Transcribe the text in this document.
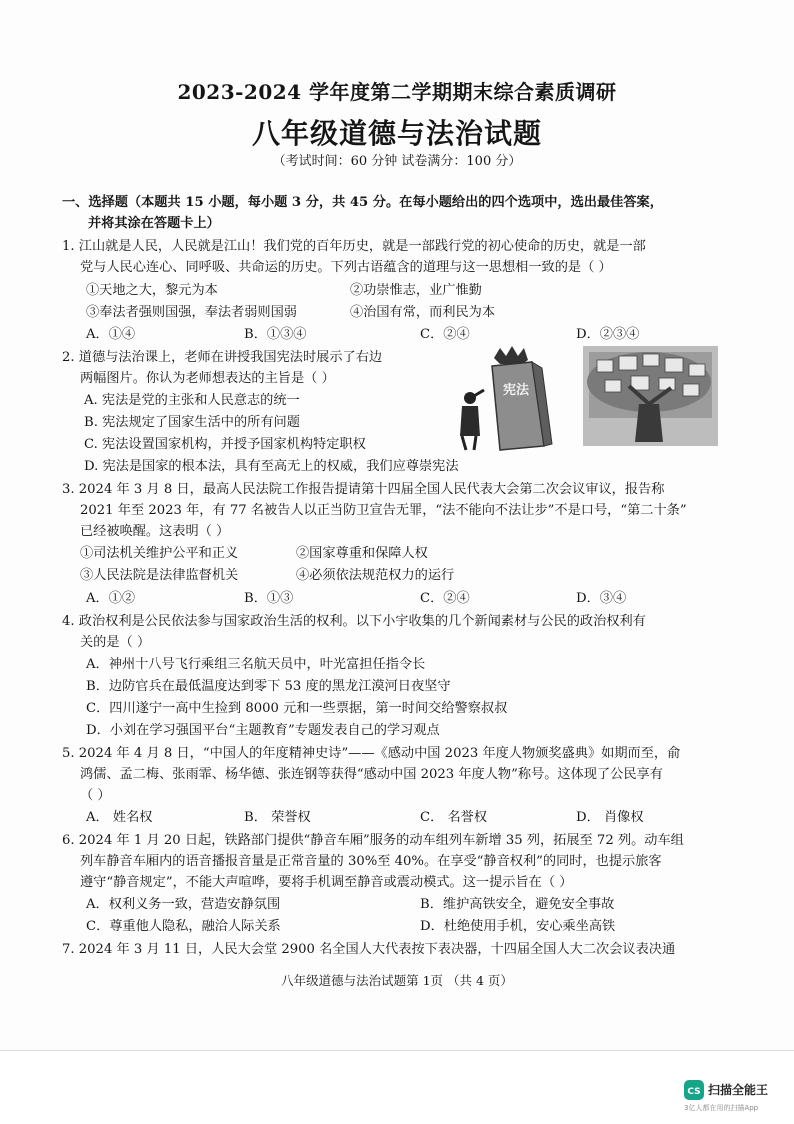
2023-2024 学年度第二学期期末综合素质调研
八年级道德与法治试题
（考试时间：60 分钟 试卷满分：100 分）
一、选择题（本题共 15 小题，每小题 3 分，共 45 分。在每小题给出的四个选项中，选出最佳答案，
并将其涂在答题卡上）
1. 江山就是人民，人民就是江山！我们党的百年历史，就是一部践行党的初心使命的历史，就是一部
党与人民心连心、同呼吸、共命运的历史。下列古语蕴含的道理与这一思想相一致的是（ ）
①天地之大，黎元为本	②功崇惟志，业广惟勤
③奉法者强则国强，奉法者弱则国弱	④治国有常，而利民为本
A．①④	B．①③④	C．②④	D．②③④
2. 道德与法治课上，老师在讲授我国宪法时展示了右边
两幅图片。你认为老师想表达的主旨是（ ）
A. 宪法是党的主张和人民意志的统一
B. 宪法规定了国家生活中的所有问题
C. 宪法设置国家机构，并授予国家机构特定职权
D. 宪法是国家的根本法，具有至高无上的权威，我们应尊崇宪法
宪法
3. 2024 年 3 月 8 日，最高人民法院工作报告提请第十四届全国人民代表大会第二次会议审议，报告称
2021 年至 2023 年，有 77 名被告人以正当防卫宣告无罪，“法不能向不法让步”不是口号，“第二十条”
已经被唤醒。这表明（ ）
①司法机关维护公平和正义	②国家尊重和保障人权
③人民法院是法律监督机关	④必须依法规范权力的运行
A．①②	B．①③	C．②④	D．③④
4. 政治权利是公民依法参与国家政治生活的权利。以下小宇收集的几个新闻素材与公民的政治权利有
关的是（ ）
A．神州十八号飞行乘组三名航天员中，叶光富担任指令长
B．边防官兵在最低温度达到零下 53 度的黑龙江漠河日夜坚守
C．四川遂宁一高中生捡到 8000 元和一些票据，第一时间交给警察叔叔
D．小刘在学习强国平台“主题教育”专题发表自己的学习观点
5. 2024 年 4 月 8 日，“中国人的年度精神史诗”——《感动中国 2023 年度人物颁奖盛典》如期而至，俞
鸿儒、孟二梅、张雨霏、杨华德、张连钢等获得“感动中国 2023 年度人物”称号。这体现了公民享有
（ ）
A． 姓名权	B． 荣誉权	C． 名誉权	D． 肖像权
6. 2024 年 1 月 20 日起，铁路部门提供“静音车厢”服务的动车组列车新增 35 列，拓展至 72 列。动车组
列车静音车厢内的语音播报音量是正常音量的 30%至 40%。在享受“静音权利”的同时，也提示旅客
遵守“静音规定”，不能大声喧哗，要将手机调至静音或震动模式。这一提示旨在（ ）
A．权利义务一致，营造安静氛围	B．维护高铁安全，避免安全事故
C．尊重他人隐私，融洽人际关系	D．杜绝使用手机，安心乘坐高铁
7. 2024 年 3 月 11 日，人民大会堂 2900 名全国人大代表按下表决器，十四届全国人大二次会议表决通
八年级道德与法治试题第 1页 （共 4 页）
CS 扫描全能王
3亿人都在用的扫描App
